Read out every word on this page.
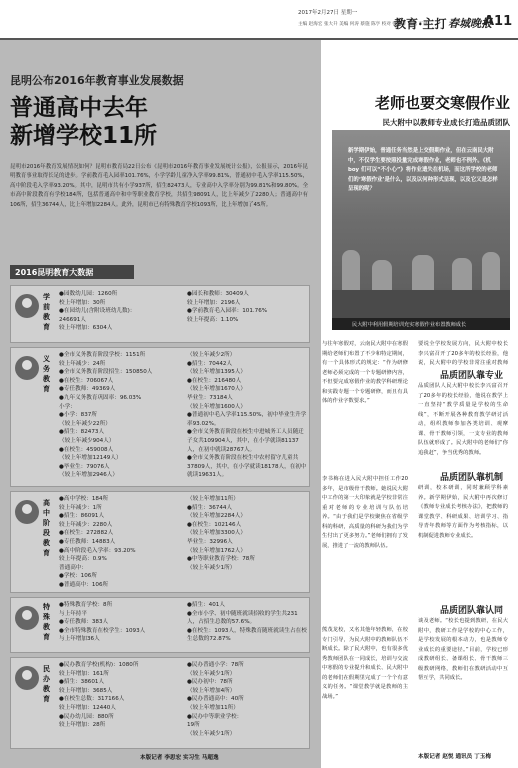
2017年2月27日 星期一
主编 赵海宏 张大升 美编 何涛 蔡施 陈亨 校对 张丽萍 邓鹏 丁越
教育·主打 春城晚报
A11
昆明公布2016年教育事业发展数据
普通高中去年
新增学校11所
昆明市2016年教育发展情况如何？昆明市教育局22日公布《昆明市2016年教育事业发展统计公报》，公报显示，2016年昆明教育事业取得长足的进步。学前教育毛入园率101.76%，小学学龄儿童净入学率99.81%，普通初中毛入学率115.50%，高中阶段毛入学率93.20%。其中，昆明市共有小学937所，招生82473人，专业高中入学率分别为99.81%和99.80%。全市高中阶段教育有学校184所，包括普通高中和中等职业教育学校，共招生98091人，比上年减少了2280人；普通高中有106所，招生36744人，比上年增加2284人。此外，昆明市已有特殊教育学校1093所，比上年增加了45所。
2016昆明教育大数据
学前教育
●园数幼儿园：1260所
校上年增加：30所
●在园幼儿(含附设班幼儿数)：
246691人
较上年增加：6304人
●园长和教师：30409人
较上年增加：2196人
●学前教育毛入园率：101.76%
较上年提高：1.10%
义务教育
●全市义务教育阶段学校：1151所
较上年减少：24所
●全市义务教育阶段招生：150850人
●在校生：706067人
●专任教师：49369人
●九年义务教育巩固率：96.03%
小学：
●小学：837所
（较上年减少22所）
●招生：82473人
（较上年减少904人）
●在校生：459008人
（较上年增加12149人）
●毕业生：79076人
（较上年增加2946人）
（较上年减少2所）
●招生：70442人
（较上年增加1395人）
●在校生：216480人
（较上年增加1670人）
毕业生：73184人
（较上年增加1600人）
●普通初中毛入学率115.50%，初中毕业生升学率93.02%。
●全市义务教育阶段在校生中进城务工人员随迁子女共109904人，其中，在小学就读81137人，在初中就读28767人。
●全市义务教育阶段在校生中农村留守儿童共37809人，其中，在小学就读18178人，在初中就读19631人。
高中阶段教育
●高中学校：184所
较上年减少：1所
●招生：86091人
较上年减少：2280人
●在校生：272882人
●专任教师：14883人
●高中阶段毛入学率：93.20%
较上年提高：0.9%
普通高中：
●学校：106所
●普通高中：106所
（较上年增加11所）
●招生：36744人
（较上年增加2284人）
●在校生：102146人
（较上年增加3300人）
毕业生：32996人
（较上年增加1762人）
●中等职业教育学校：78所
（较上年减少1所）
特殊教育
●特殊教育学校：8所
与上年持平
●专任教师：383人
●全市特殊教育在校学生：1093人
与上年增加36人
●招生：401人
●全市小学、初中随班就读招收的学生共231人，占招生总数的57.6%。
●在校生：1093人，特殊教育随班就读生占在校生总数的72.87%
民办教育
●民办教育学校(机构)：1080所
较上年增加：161所
●招生：38601人
较上年增加：3685人
●在校生总数：317166人
较上年增加：12440人
●民办幼儿园：880所
较上年增加：28所
●民办普通小学：78所
（较上年减少1所）
●民办初中：78所
（较上年增加4所）
●民办普通高中：40所
（较上年增加11所）
●民办中等职业学校：
19所
（较上年减少1所）
本版记者 李思宏 实习生 马超逸
老师也要交寒假作业
民大附中以教师专业成长打造品质团队
民大附中利用假期培训充实寒假作业布置教师成长
新学期伊始，普通任务当然是上交假期作业，但在云南民大附中，不仅学生要按照投量完成寒假作业，老师也不例外。《机 boy 们可以“不小心”》将作业遗失在机场，而这所学校的老师们的‘寒假作业’是什么，以及以何种形式呈现，以及它又是怎样呈现的呢？
与往年寒假对，云南民大附中在寒假期给老师们布置了不少和特定期间，有一个具体形式的规定：“作为研修老师必须完成的一个专题研修内容，不但要完成寒假作业的教学科研理论和实践专题一个专题研修，而且有具体的作业字数要求。”
李书梅在进入民大附中担任工作20多年，是市级骨干教师。她说民大附中工作的第一大印象就是学校非常注重对老师的专业培训与队伍培养。“由于我们是学校聚焦在省级学科的科研，高质量的科研为我们为学生付出了更多努力。”老师们拥有了发展，推进了一流的教师队伍。
熊茂龙校，又名其他年轻教师，在校专门引导，为民大附中的教师队伍不断成长。除了民大附中，也有很多优秀教师团队在一同成长，培训与交流中寒假的专业提升和成长、民大附中的老师们在假期里完成了一个个有意义的任务。“课堂教学就是教师的主战场。”
要说全学校发展方向，民大附中校长李兴富召开了20多年的校长经验，他说，民大附中的学校非常注重对教师
品质团队靠专业
品质团队人民大附中校长李兴富召开了20多年的校长经验，他说在教学上一直坚持“教学质量是学校的生命线”，不断开展各种教育教学研讨活动，组织教师参加各类培训、观摩课、骨干教师引领，一支专业的教师队伍就形成了。民大附中的老师们“你追我赶”，争当优秀的教师。
品质团队靠机制
研训，校本研训，同时兼顾学科素养。新学期伊始，民大附中再次修订《教师专业成长考核办法》，把教师的课堂教学、科研成果、培训学习、指导青年教师等方面作为考核指标，以机制促进教师专业成长。
品质团队靠认同
谈及老师。“校长也提到教研，在民大附中，教研工作是学校的中心工作，是学校发展的根本动力，也是教师专业成长的重要途径。”目前，学校已形成教研组长、备课组长、骨干教师三级教研网络，教师们在教研活动中互帮互学，共同成长。
本版记者 赵悦 通讯员 丁玉梅
